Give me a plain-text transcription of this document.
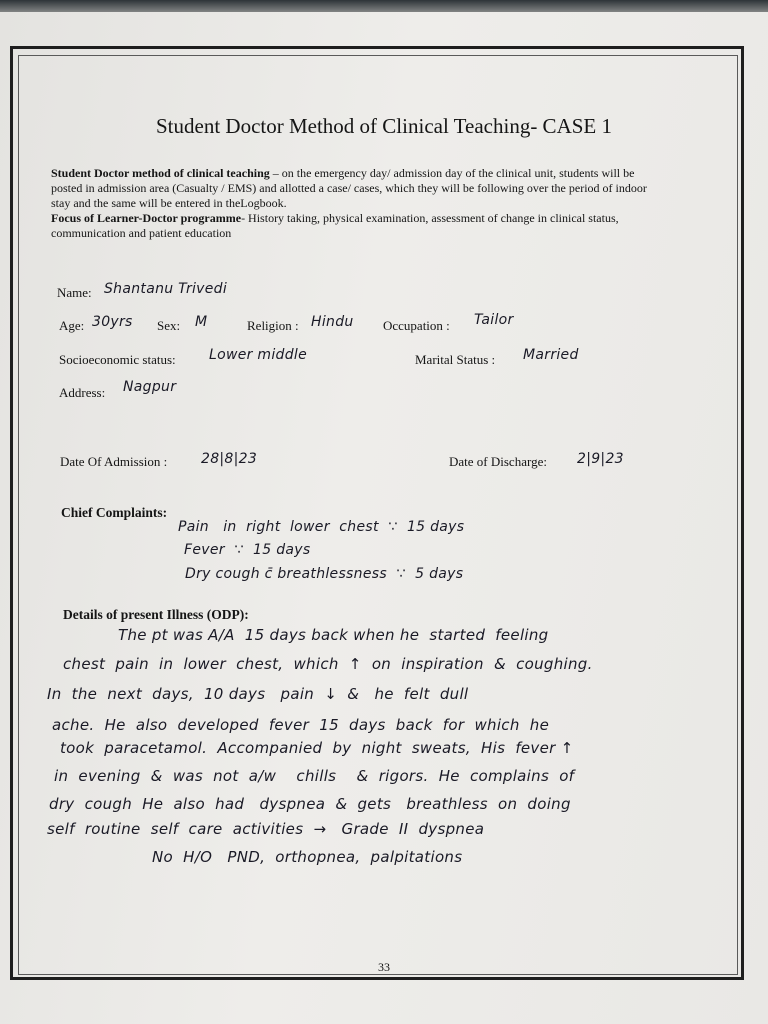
Student Doctor Method of Clinical Teaching- CASE 1
Student Doctor method of clinical teaching – on the emergency day/ admission day of the clinical unit, students will be posted in admission area (Casualty / EMS) and allotted a case/ cases, which they will be following over the period of indoor stay and the same will be entered in theLogbook.
Focus of Learner-Doctor programme- History taking, physical examination, assessment of change in clinical status, communication and patient education
Name: Shantanu Trivedi
Age: 30yrs Sex: M	Religion : Hindu Occupation : Tailor
Socioeconomic status: Lower middle	Marital Status : Married
Address: Nagpur
Date Of Admission : 28|8|23	Date of Discharge: 2|9|23
Chief Complaints:
Pain   in  right  lower  chest  ∵  15 days
Fever  ∵  15 days
Dry cough c̄ breathlessness  ∵  5 days
Details of present Illness (ODP):
The pt was A/A  15 days back when he  started  feeling
chest  pain  in  lower  chest,  which  ↑  on  inspiration  &  coughing.
In  the  next  days,  10 days   pain  ↓  &   he  felt  dull
ache.  He  also  developed  fever  15  days  back  for  which  he
took  paracetamol.  Accompanied  by  night  sweats,  His  fever ↑
in  evening  &  was  not  a/w    chills    &  rigors.  He  complains  of
dry  cough  He  also  had   dyspnea  &  gets   breathless  on  doing
self  routine  self  care  activities  →   Grade  II  dyspnea
No  H/O   PND,  orthopnea,  palpitations
33
